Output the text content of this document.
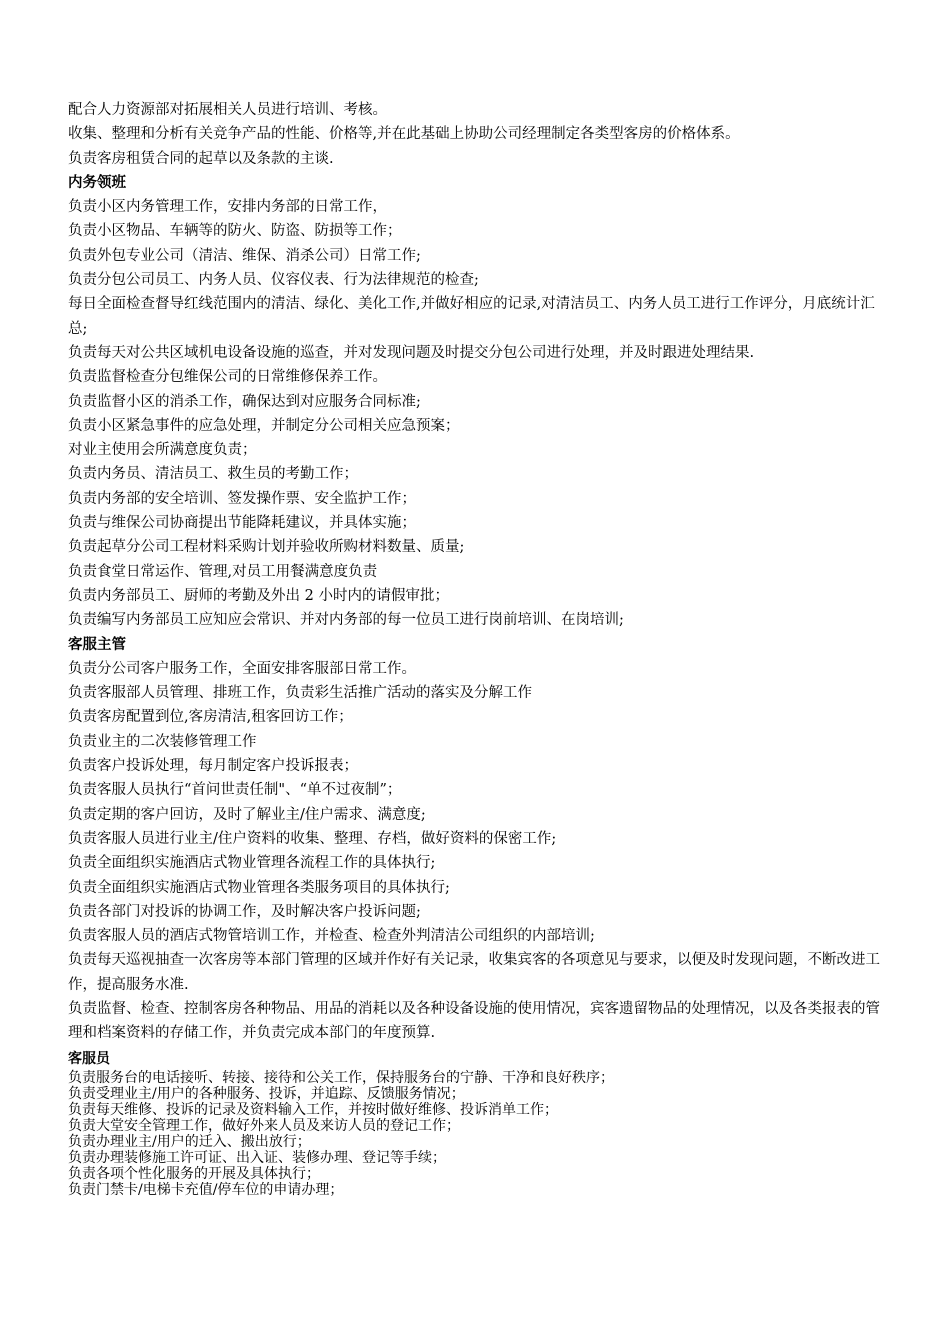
配合人力资源部对拓展相关人员进行培训、考核。
收集、整理和分析有关竞争产品的性能、价格等,并在此基础上协助公司经理制定各类型客房的价格体系。
负责客房租赁合同的起草以及条款的主谈.
内务领班
负责小区内务管理工作，安排内务部的日常工作，
负责小区物品、车辆等的防火、防盗、防损等工作；
负责外包专业公司（清洁、维保、消杀公司）日常工作;
负责分包公司员工、内务人员、仪容仪表、行为法律规范的检查;
每日全面检查督导红线范围内的清洁、绿化、美化工作,并做好相应的记录,对清洁员工、内务人员工进行工作评分，月底统计汇总;
负责每天对公共区域机电设备设施的巡查，并对发现问题及时提交分包公司进行处理，并及时跟进处理结果.
负责监督检查分包维保公司的日常维修保养工作。
负责监督小区的消杀工作，确保达到对应服务合同标准;
负责小区紧急事件的应急处理，并制定分公司相关应急预案；
对业主使用会所满意度负责；
负责内务员、清洁员工、救生员的考勤工作；
负责内务部的安全培训、签发操作票、安全监护工作；
负责与维保公司协商提出节能降耗建议，并具体实施；
负责起草分公司工程材料采购计划并验收所购材料数量、质量;
负责食堂日常运作、管理,对员工用餐满意度负责
负责内务部员工、厨师的考勤及外出 2 小时内的请假审批；
负责编写内务部员工应知应会常识、并对内务部的每一位员工进行岗前培训、在岗培训;
客服主管
负责分公司客户服务工作，全面安排客服部日常工作。
负责客服部人员管理、排班工作，负责彩生活推广活动的落实及分解工作
负责客房配置到位,客房清洁,租客回访工作；
负责业主的二次装修管理工作
负责客户投诉处理，每月制定客户投诉报表；
负责客服人员执行“首问世责任制"、“单不过夜制”；
负责定期的客户回访，及时了解业主/住户需求、满意度;
负责客服人员进行业主/住户资料的收集、整理、存档，做好资料的保密工作;
负责全面组织实施酒店式物业管理各流程工作的具体执行;
负责全面组织实施酒店式物业管理各类服务项目的具体执行;
负责各部门对投诉的协调工作，及时解决客户投诉问题;
负责客服人员的酒店式物管培训工作，并检查、检查外判清洁公司组织的内部培训;
负责每天巡视抽查一次客房等本部门管理的区域并作好有关记录，收集宾客的各项意见与要求，以便及时发现问题，不断改进工作，提高服务水准.
负责监督、检查、控制客房各种物品、用品的消耗以及各种设备设施的使用情况，宾客遗留物品的处理情况，以及各类报表的管理和档案资料的存储工作，并负责完成本部门的年度预算.
客服员
负责服务台的电话接听、转接、接待和公关工作，保持服务台的宁静、干净和良好秩序；
负责受理业主/用户的各种服务、投诉，并追踪、反馈服务情况；
负责每天维修、投诉的记录及资料输入工作，并按时做好维修、投诉消单工作；
负责大堂安全管理工作，做好外来人员及来访人员的登记工作；
负责办理业主/用户的迁入、搬出放行；
负责办理装修施工许可证、出入证、装修办理、登记等手续；
负责各项个性化服务的开展及具体执行；
负责门禁卡/电梯卡充值/停车位的申请办理；
